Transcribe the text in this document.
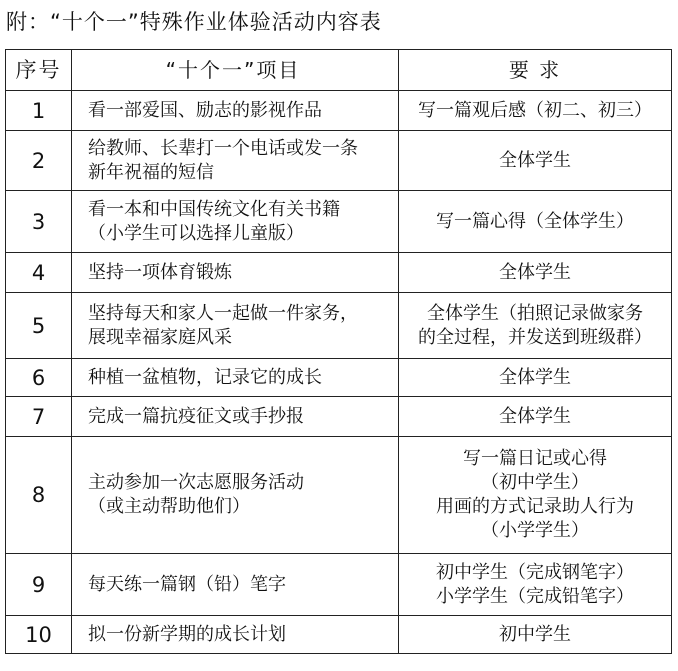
附：“十个一”特殊作业体验活动内容表
序号	“十个一”项目	要 求
1	看一部爱国、励志的影视作品	写一篇观后感（初二、初三）

2	给教师、长辈打一个电话或发一条
新年祝福的短信	全体学生

3	看一本和中国传统文化有关书籍
（小学生可以选择儿童版）	写一篇心得（全体学生）

4	坚持一项体育锻炼	全体学生

5	坚持每天和家人一起做一件家务，
展现幸福家庭风采	全体学生（拍照记录做家务
的全过程，并发送到班级群）

6	种植一盆植物，记录它的成长	全体学生

7	完成一篇抗疫征文或手抄报	全体学生

8	主动参加一次志愿服务活动
（或主动帮助他们）	写一篇日记或心得
（初中学生）
用画的方式记录助人行为
（小学学生）

9	每天练一篇钢（铅）笔字	初中学生（完成钢笔字）
小学学生（完成铅笔字）

10	拟一份新学期的成长计划	初中学生
